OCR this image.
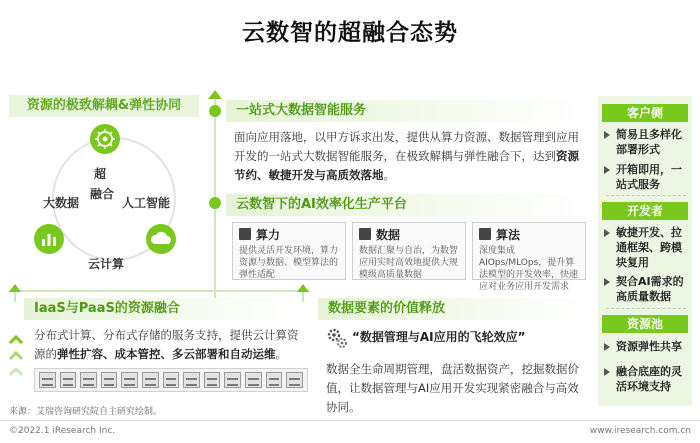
云数智的超融合态势
资源的极致解耦&弹性协同
超
融合
大数据	人工智能
云计算
一站式大数据智能服务
面向应用落地，以甲方诉求出发，提供从算力资源、数据管理到应用开发的一站式大数据智能服务，在极致解耦与弹性融合下，达到资源节约、敏捷开发与高质效落地。
云数智下的AI效率化生产平台
算力
提供灵活开发环境，算力资源与数据、模型算法的弹性适配
数据
数据汇聚与自治，为数智应用实时高效地提供大规模级高质量数据
算法
深度集成AIOps/MLOps，提升算法模型的开发效率，快速应对业务应用开发需求
IaaS与PaaS的资源融合
分布式计算、分布式存储的服务支持，提供云计算资源的弹性扩容、成本管控、多云部署和自动运维。
数据要素的价值释放
“数据管理与AI应用的飞轮效应”
数据全生命周期管理，盘活数据资产，挖掘数据价值，让数据管理与AI应用开发实现紧密融合与高效协同。
客户侧
简易且多样化部署形式
开箱即用，一站式服务
开发者
敏捷开发、拉通框架、跨模块复用
契合AI需求的高质量数据
资源池
资源弹性共享
融合底座的灵活环境支持
来源：艾瑞咨询研究院自主研究绘制。
©2022.1 iResearch Inc.	www.iresearch.com.cn
